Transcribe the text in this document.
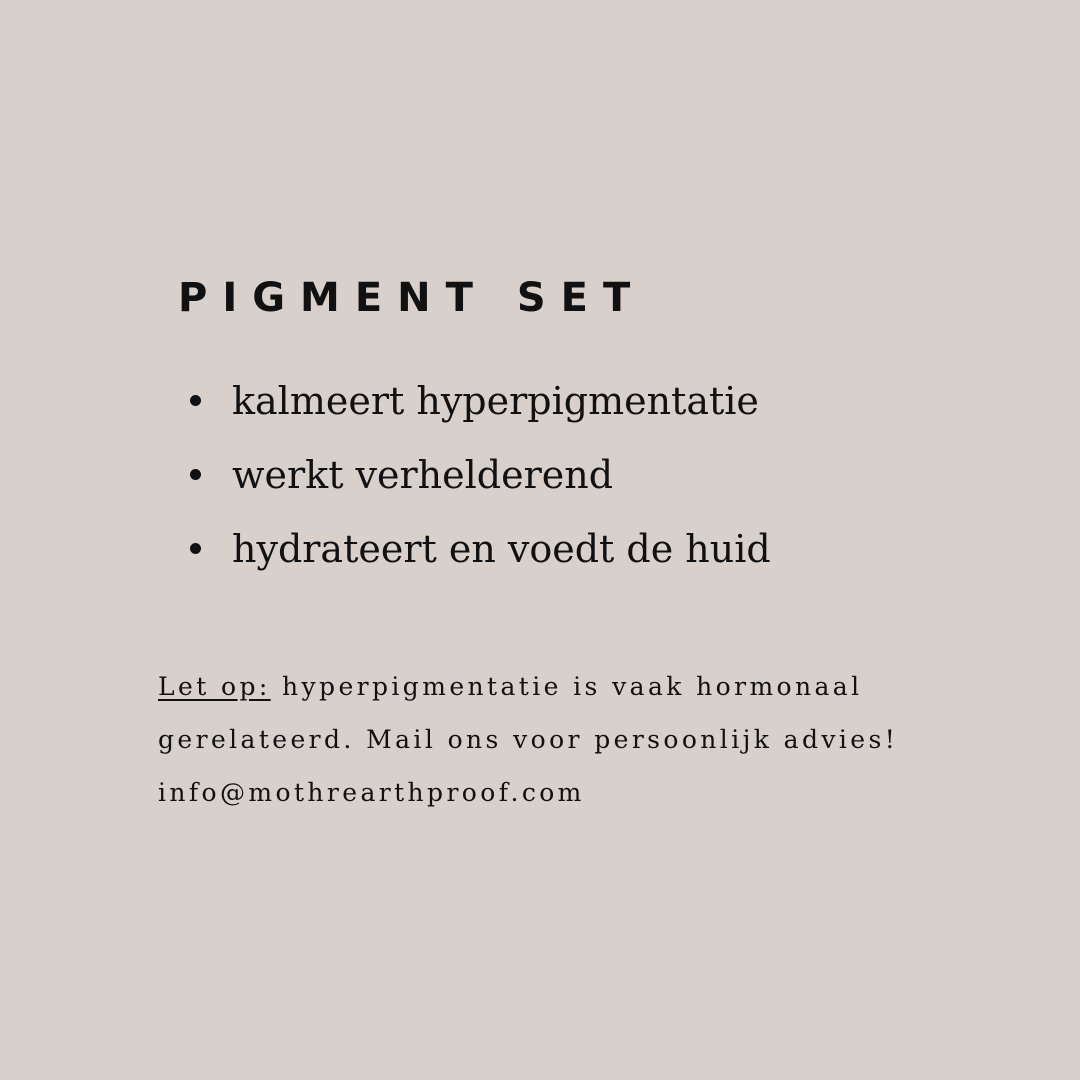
PIGMENT SET
kalmeert hyperpigmentatie
werkt verhelderend
hydrateert en voedt de huid
Let op: hyperpigmentatie is vaak hormonaal
gerelateerd. Mail ons voor persoonlijk advies!
info@mothrearthproof.com
